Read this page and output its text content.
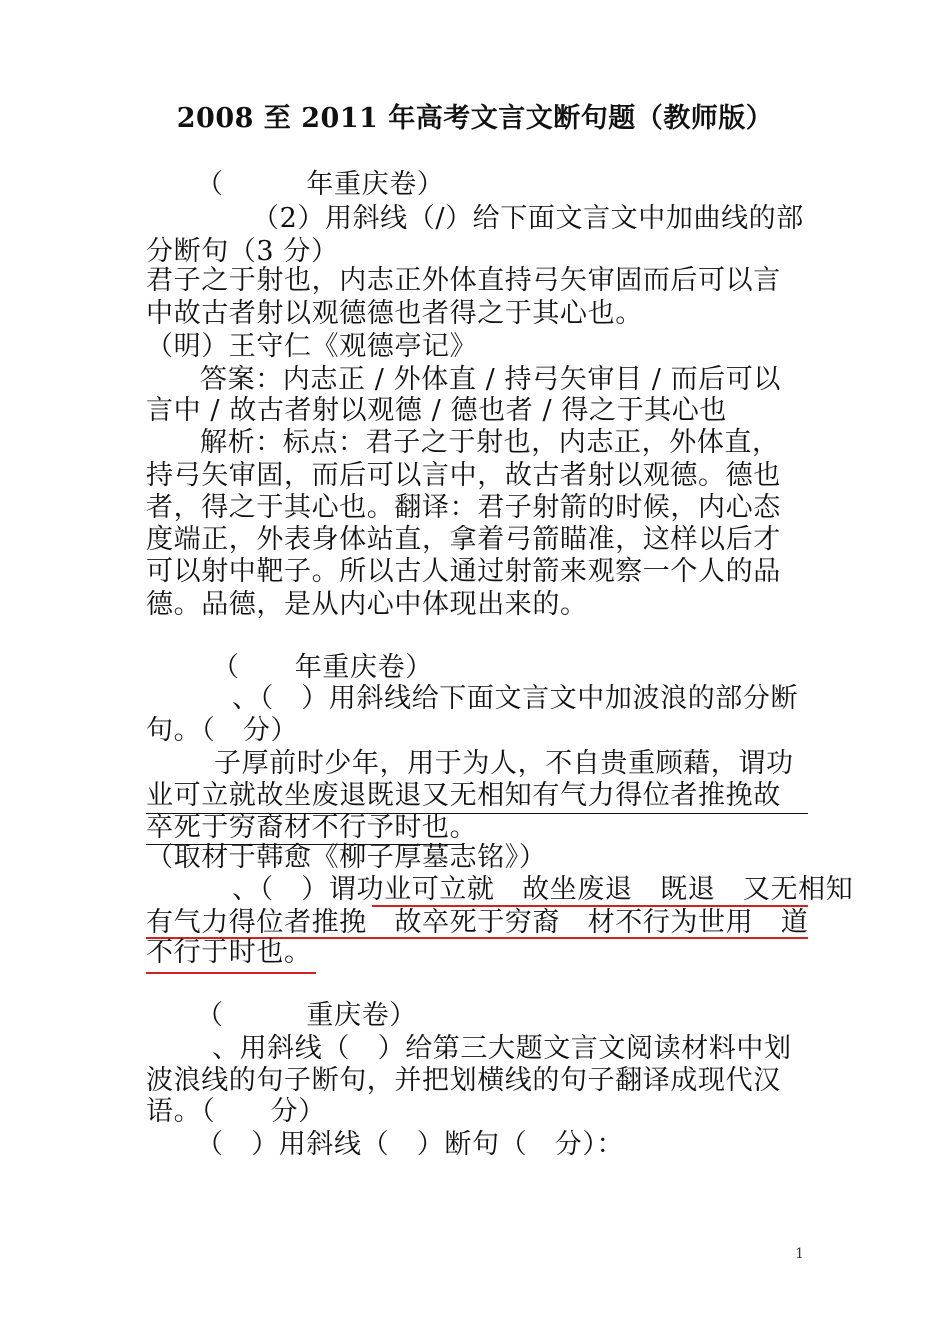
2008 至 2011 年高考文言文断句题（教师版）
（　　　年重庆卷）
（2）用斜线（/）给下面文言文中加曲线的部
分断句（3 分）
君子之于射也，内志正外体直持弓矢审固而后可以言
中故古者射以观德德也者得之于其心也。
（明）王守仁《观德亭记》
答案：内志正 / 外体直 / 持弓矢审目 / 而后可以
言中 / 故古者射以观德 / 德也者 / 得之于其心也
解析：标点：君子之于射也，内志正，外体直，
持弓矢审固，而后可以言中，故古者射以观德。德也
者，得之于其心也。翻译：君子射箭的时候，内心态
度端正，外表身体站直，拿着弓箭瞄准，这样以后才
可以射中靶子。所以古人通过射箭来观察一个人的品
德。品德，是从内心中体现出来的。
（　　年重庆卷）
、（　）用斜线给下面文言文中加波浪的部分断
句。（　分）
子厚前时少年，用于为人，不自贵重顾藉，谓功
业可立就故坐废退既退又无相知有气力得位者推挽故
卒死于穷裔材不行予时也。
（取材于韩愈《柳子厚墓志铭》）
、（　）谓功业可立就　故坐废退　既退　又无相知
有气力得位者推挽　故卒死于穷裔　材不行为世用　道
不行于时也。
（　　　重庆卷）
、用斜线（　）给第三大题文言文阅读材料中划
波浪线的句子断句，并把划横线的句子翻译成现代汉
语。（　　分）
（　）用斜线（　）断句（　分）：
1
